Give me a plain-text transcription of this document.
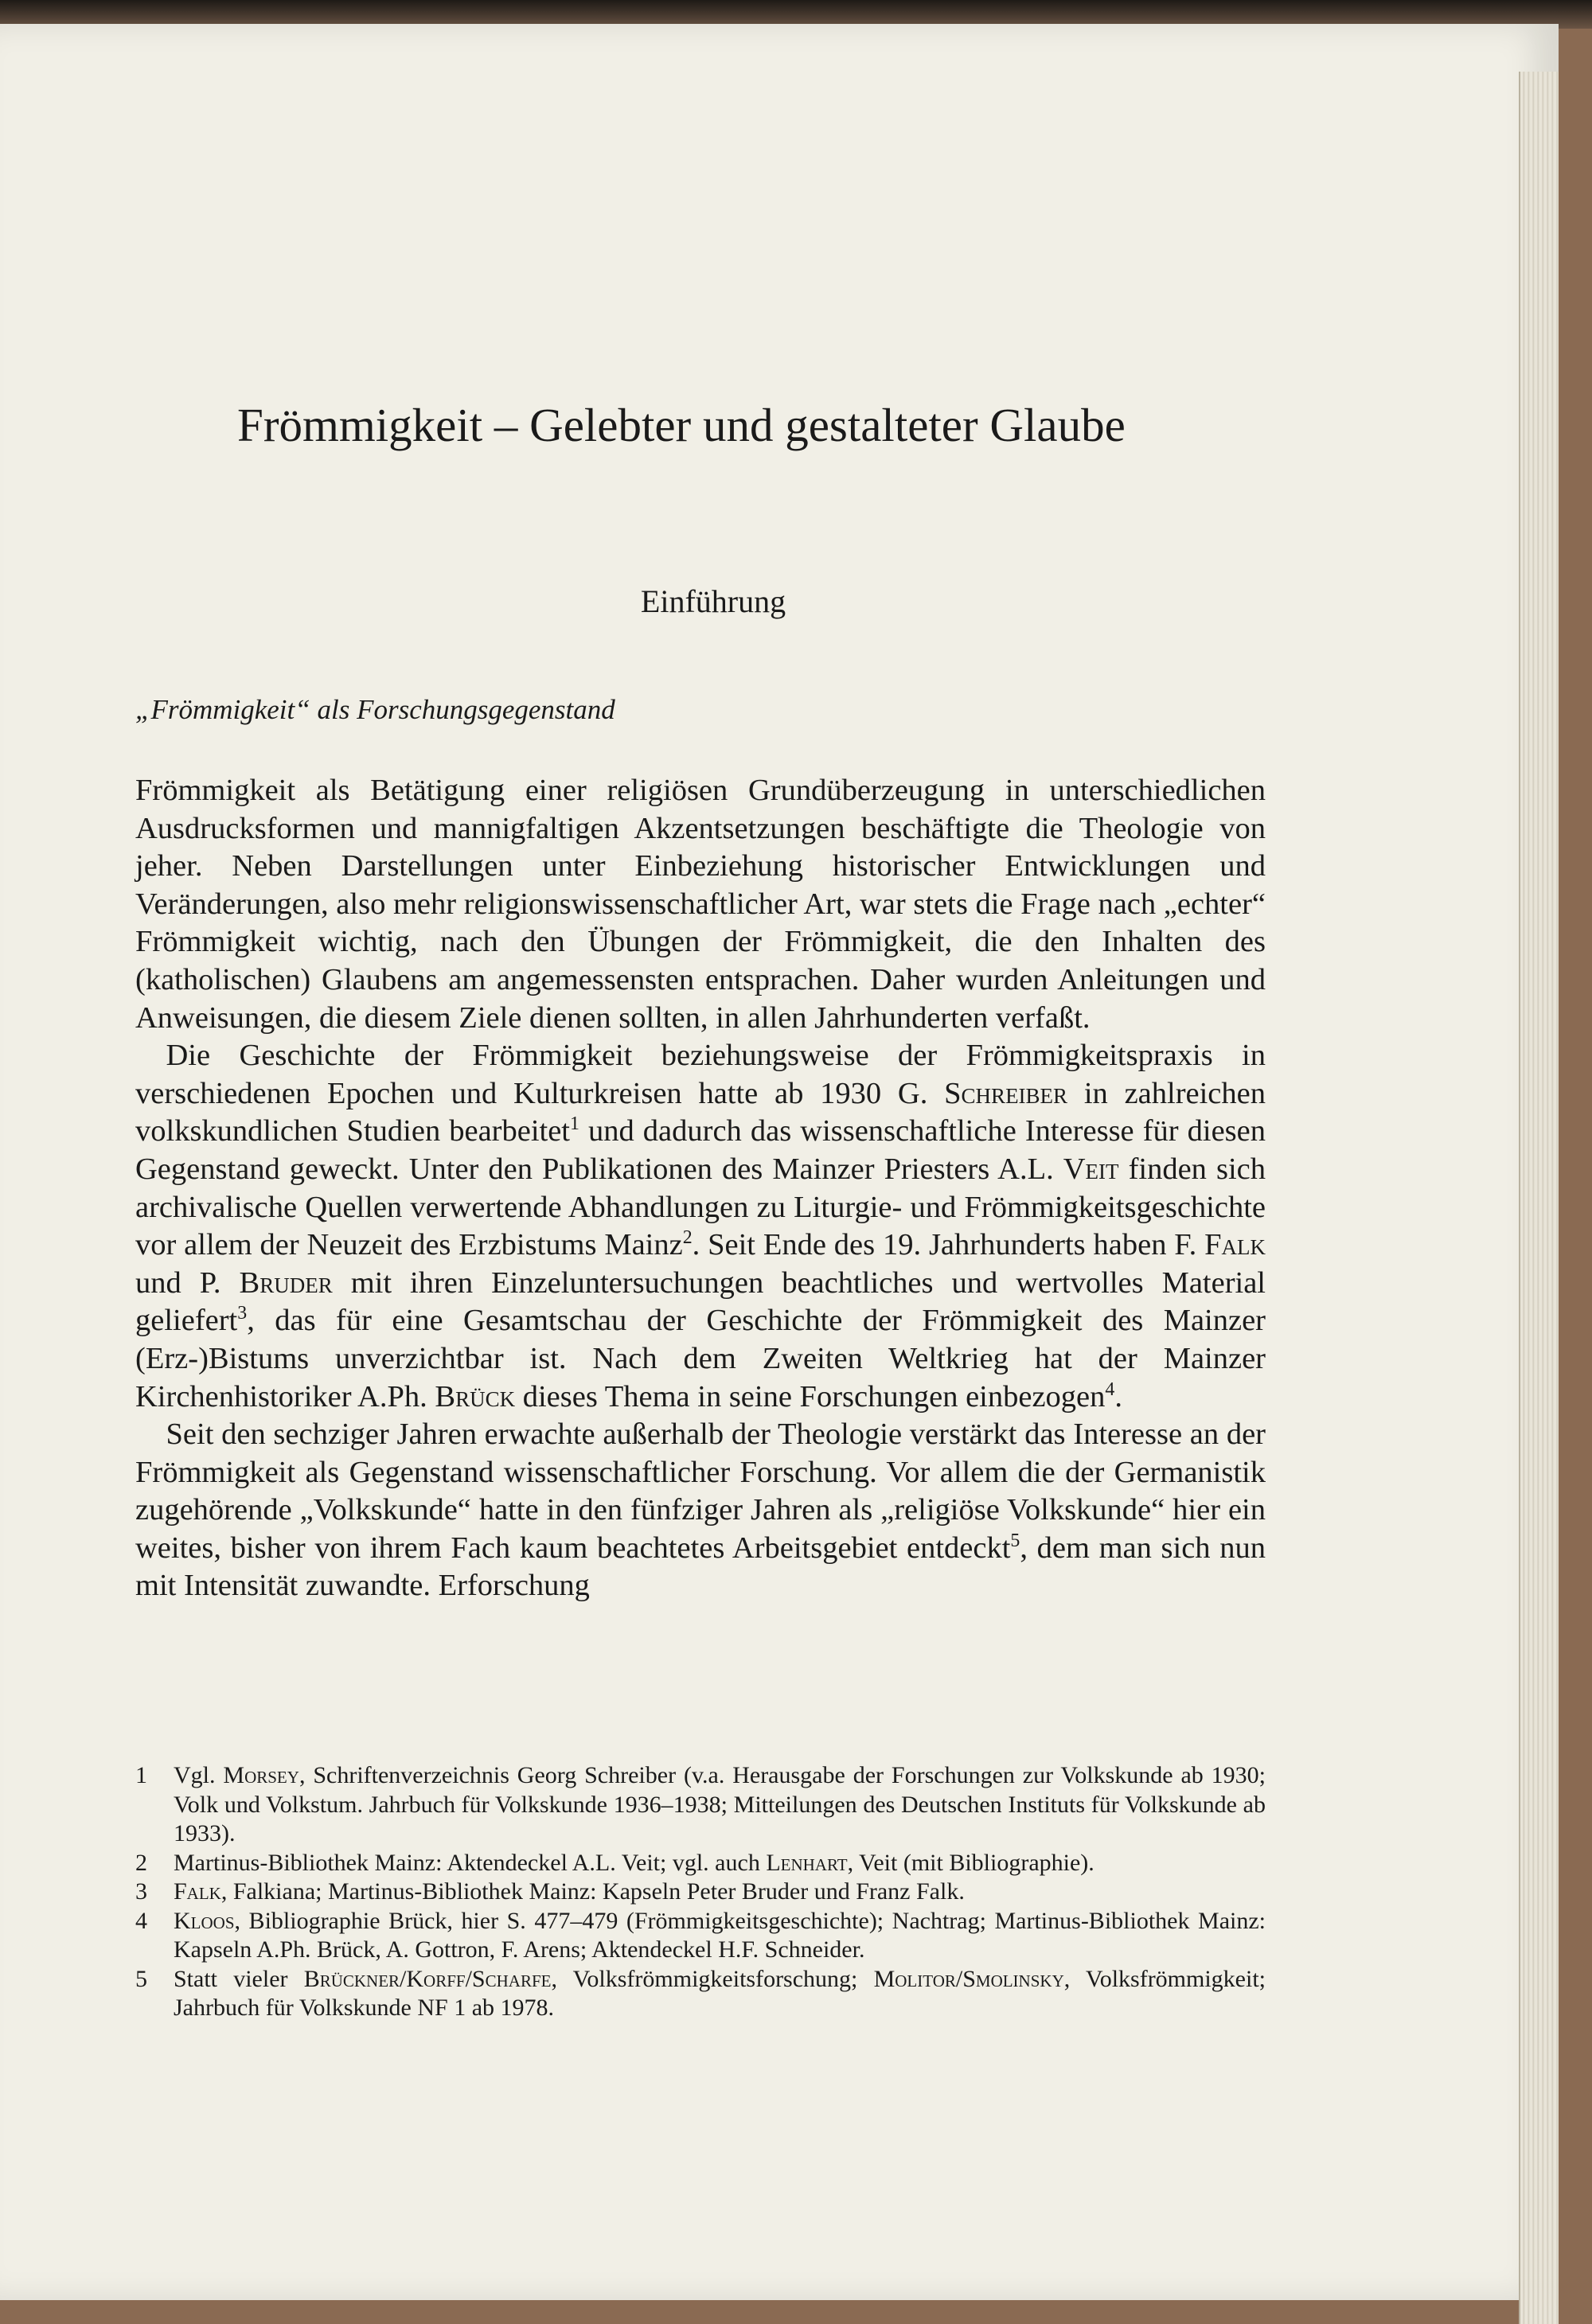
Frömmigkeit – Gelebter und gestalteter Glaube
Einführung
„Frömmigkeit“ als Forschungsgegenstand

Frömmigkeit als Betätigung einer religiösen Grundüberzeugung in unterschiedlichen Ausdrucksformen und mannigfaltigen Akzentsetzungen beschäftigte die Theologie von jeher. Neben Darstellungen unter Einbeziehung historischer Entwicklungen und Veränderungen, also mehr religionswissenschaftlicher Art, war stets die Frage nach „echter“ Frömmigkeit wichtig, nach den Übungen der Frömmigkeit, die den Inhalten des (katholischen) Glaubens am angemessensten entsprachen. Daher wurden Anleitungen und Anweisungen, die diesem Ziele dienen sollten, in allen Jahrhunderten verfaßt.

Die Geschichte der Frömmigkeit beziehungsweise der Frömmigkeitspraxis in verschiedenen Epochen und Kulturkreisen hatte ab 1930 G. Schreiber in zahlreichen volkskundlichen Studien bearbeitet$^1$ und dadurch das wissenschaftliche Interesse für diesen Gegenstand geweckt. Unter den Publikationen des Mainzer Priesters A.L. Veit finden sich archivalische Quellen verwertende Abhandlungen zu Liturgie- und Frömmigkeitsgeschichte vor allem der Neuzeit des Erzbistums Mainz$^2$. Seit Ende des 19. Jahrhunderts haben F. Falk und P. Bruder mit ihren Einzeluntersuchungen beachtliches und wertvolles Material geliefert$^3$, das für eine Gesamtschau der Geschichte der Frömmigkeit des Mainzer (Erz-)Bistums unverzichtbar ist. Nach dem Zweiten Weltkrieg hat der Mainzer Kirchenhistoriker A.Ph. Brück dieses Thema in seine Forschungen einbezogen$^4$.

Seit den sechziger Jahren erwachte außerhalb der Theologie verstärkt das Interesse an der Frömmigkeit als Gegenstand wissenschaftlicher Forschung. Vor allem die der Germanistik zugehörende „Volkskunde“ hatte in den fünfziger Jahren als „religiöse Volkskunde“ hier ein weites, bisher von ihrem Fach kaum beachtetes Arbeitsgebiet entdeckt$^5$, dem man sich nun mit Intensität zuwandte. Erforschung

1 Vgl. Morsey, Schriftenverzeichnis Georg Schreiber (v.a. Herausgabe der Forschungen zur Volkskunde ab 1930; Volk und Volkstum. Jahrbuch für Volkskunde 1936–1938; Mitteilungen des Deutschen Instituts für Volkskunde ab 1933).
2 Martinus-Bibliothek Mainz: Aktendeckel A.L. Veit; vgl. auch Lenhart, Veit (mit Bibliographie).
3 Falk, Falkiana; Martinus-Bibliothek Mainz: Kapseln Peter Bruder und Franz Falk.
4 Kloos, Bibliographie Brück, hier S. 477–479 (Frömmigkeitsgeschichte); Nachtrag; Martinus-Bibliothek Mainz: Kapseln A.Ph. Brück, A. Gottron, F. Arens; Aktendeckel H.F. Schneider.
5 Statt vieler Brückner/Korff/Scharfe, Volksfrömmigkeitsforschung; Molitor/Smolinsky, Volksfrömmigkeit; Jahrbuch für Volkskunde NF 1 ab 1978.
